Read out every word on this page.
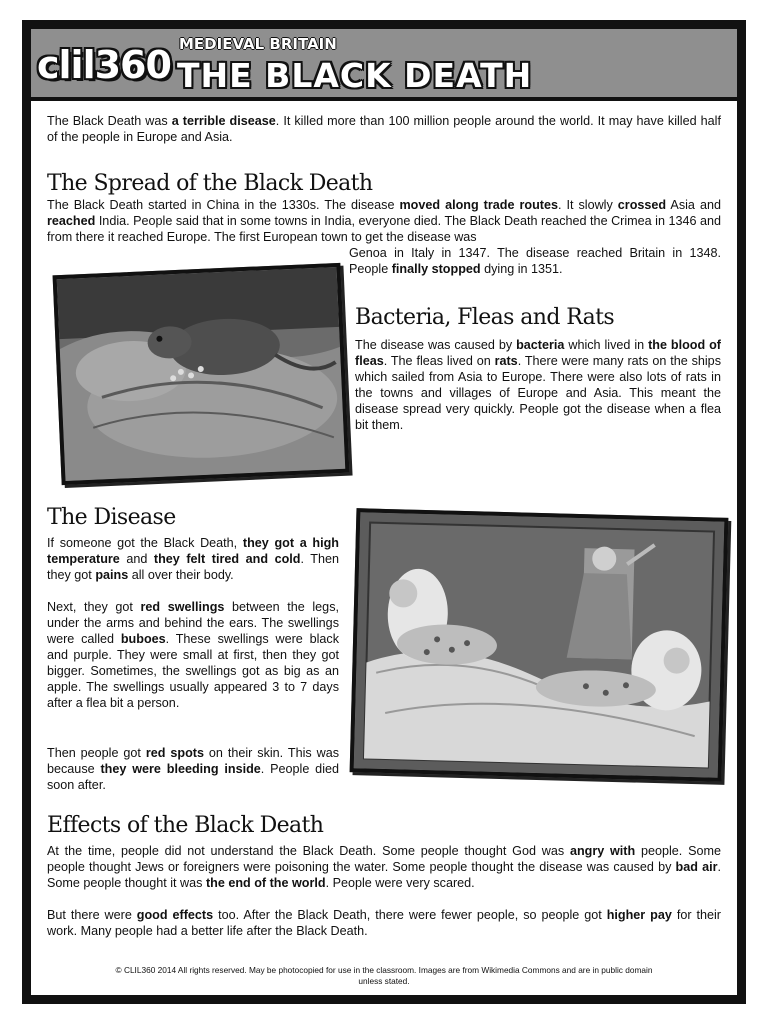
clil360 MEDIEVAL BRITAIN
THE BLACK DEATH

The Black Death was a terrible disease. It killed more than 100 million people around the world. It may have killed half of the people in Europe and Asia.

The Spread of the Black Death

The Black Death started in China in the 1330s. The disease moved along trade routes. It slowly crossed Asia and reached India. People said that in some towns in India, everyone died. The Black Death reached the Crimea in 1346 and from there it reached Europe. The first European town to get the disease was

Genoa in Italy in 1347. The disease reached Britain in 1348. People finally stopped dying in 1351.

Bacteria, Fleas and Rats

The disease was caused by bacteria which lived in the blood of fleas. The fleas lived on rats. There were many rats on the ships which sailed from Asia to Europe. There were also lots of rats in the towns and villages of Europe and Asia. This meant the disease spread very quickly. People got the disease when a flea bit them.

The Disease

If someone got the Black Death, they got a high temperature and they felt tired and cold. Then they got pains all over their body.

Next, they got red swellings between the legs, under the arms and behind the ears. The swellings were called buboes. These swellings were black and purple. They were small at first, then they got bigger. Sometimes, the swellings got as big as an apple. The swellings usually appeared 3 to 7 days after a flea bit a person.

Then people got red spots on their skin. This was because they were bleeding inside. People died soon after.

Effects of the Black Death

At the time, people did not understand the Black Death. Some people thought God was angry with people. Some people thought Jews or foreigners were poisoning the water. Some people thought the disease was caused by bad air. Some people thought it was the end of the world. People were very scared.

But there were good effects too. After the Black Death, there were fewer people, so people got higher pay for their work. Many people had a better life after the Black Death.

© CLIL360 2014 All rights reserved. May be photocopied for use in the classroom. Images are from Wikimedia Commons and are in public domain
unless stated.
